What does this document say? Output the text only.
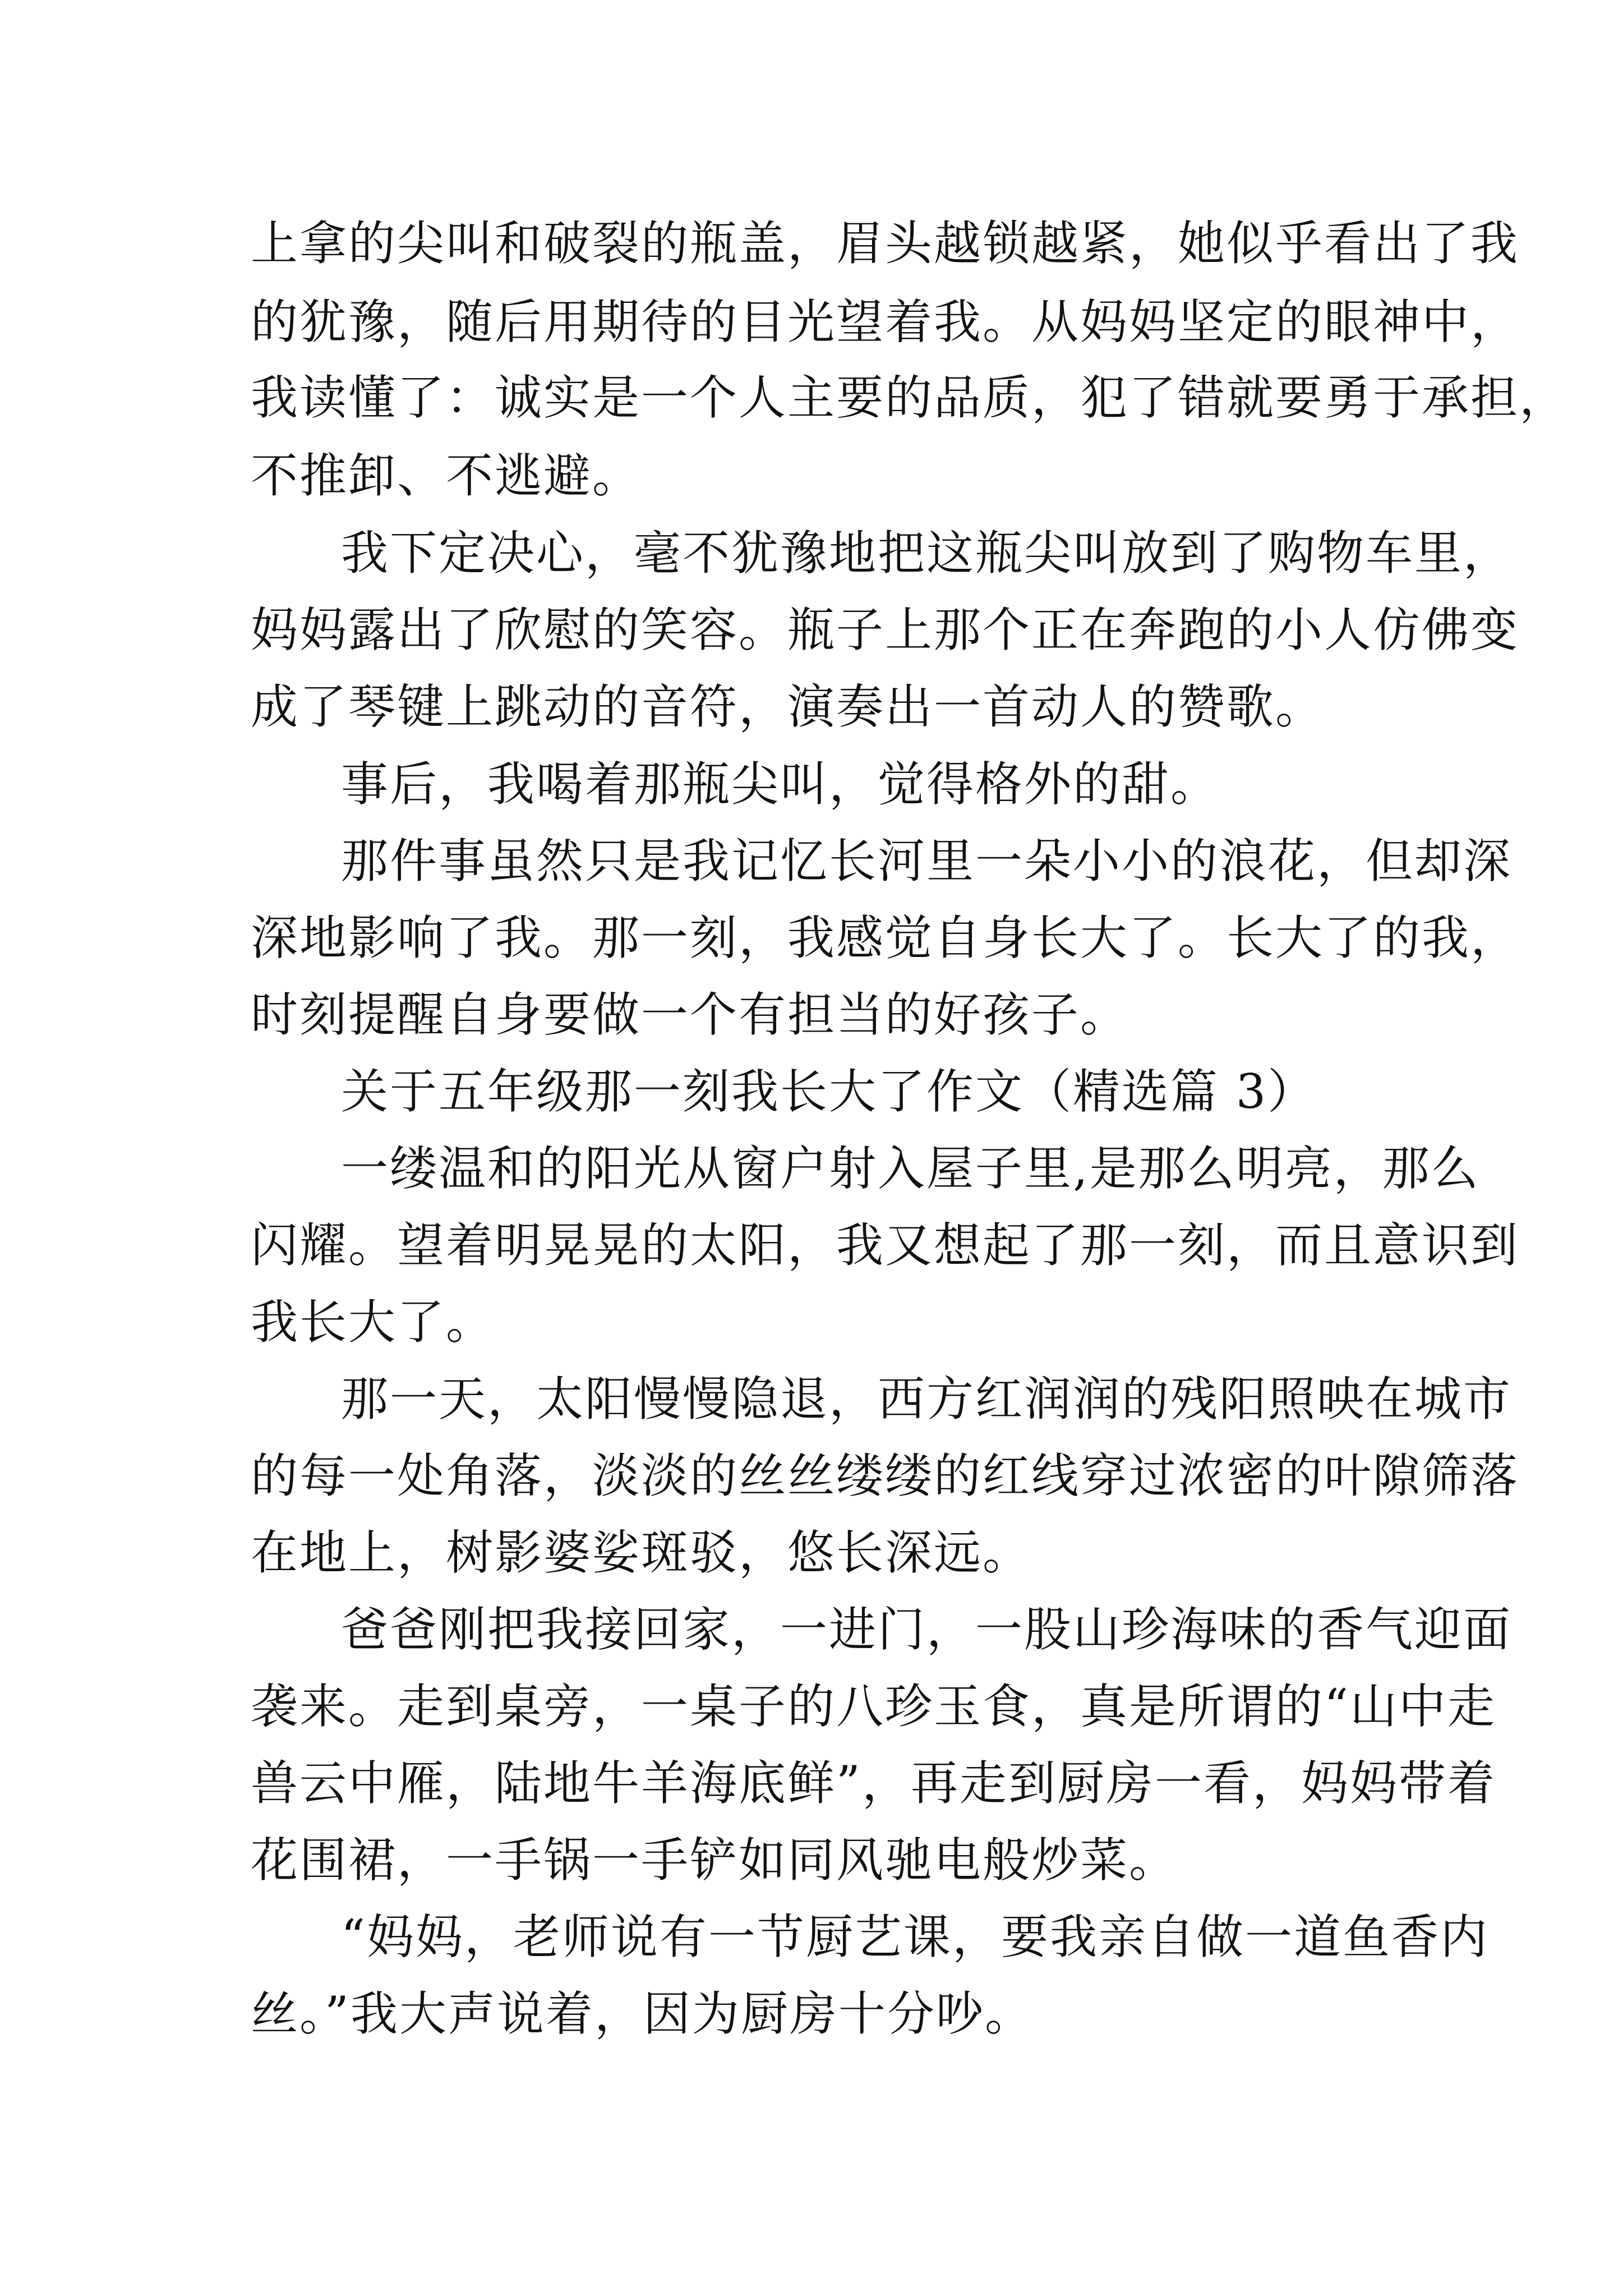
上拿的尖叫和破裂的瓶盖，眉头越锁越紧，她似乎看出了我
的犹豫，随后用期待的目光望着我。从妈妈坚定的眼神中，
我读懂了：诚实是一个人主要的品质，犯了错就要勇于承担，
不推卸、不逃避。
我下定决心，毫不犹豫地把这瓶尖叫放到了购物车里，
妈妈露出了欣慰的笑容。瓶子上那个正在奔跑的小人仿佛变
成了琴键上跳动的音符，演奏出一首动人的赞歌。
事后，我喝着那瓶尖叫，觉得格外的甜。
那件事虽然只是我记忆长河里一朵小小的浪花，但却深
深地影响了我。那一刻，我感觉自身长大了。长大了的我，
时刻提醒自身要做一个有担当的好孩子。
关于五年级那一刻我长大了作文（精选篇 3）
一缕温和的阳光从窗户射入屋子里,是那么明亮，那么
闪耀。望着明晃晃的太阳，我又想起了那一刻，而且意识到
我长大了。
那一天，太阳慢慢隐退，西方红润润的残阳照映在城市
的每一处角落，淡淡的丝丝缕缕的红线穿过浓密的叶隙筛落
在地上，树影婆娑斑驳，悠长深远。
爸爸刚把我接回家，一进门，一股山珍海味的香气迎面
袭来。走到桌旁，一桌子的八珍玉食，真是所谓的“山中走
兽云中雁，陆地牛羊海底鲜”，再走到厨房一看，妈妈带着
花围裙，一手锅一手铲如同风驰电般炒菜。
“妈妈，老师说有一节厨艺课，要我亲自做一道鱼香内
丝。”我大声说着，因为厨房十分吵。
